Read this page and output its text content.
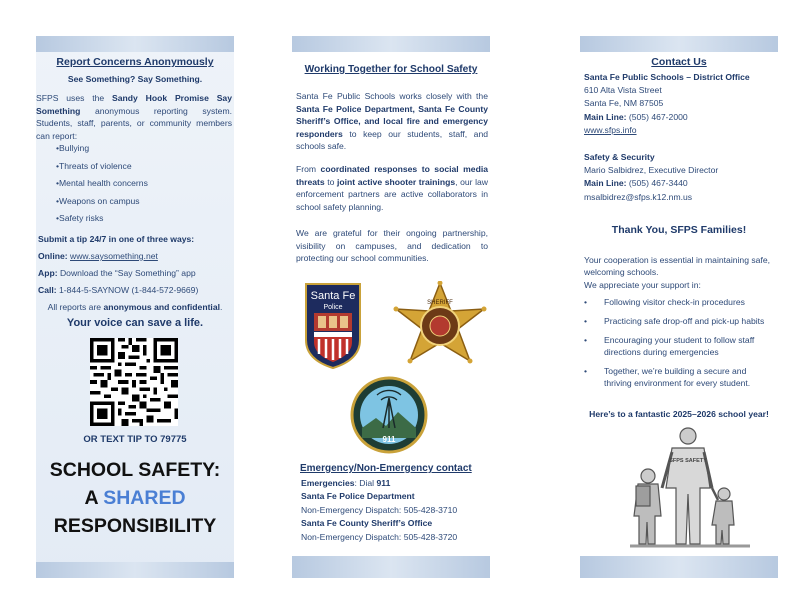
Report Concerns Anonymously
See Something? Say Something.
SFPS uses the Sandy Hook Promise Say Something anonymous reporting system. Students, staff, parents, or community members can report:
•Bullying
•Threats of violence
•Mental health concerns
•Weapons on campus
•Safety risks
Submit a tip 24/7 in one of three ways:
Online: www.saysomething.net
App: Download the “Say Something” app
Call: 1-844-5-SAYNOW (1-844-572-9669)
All reports are anonymous and confidential.
Your voice can save a life.
OR TEXT TIP TO 79775
SCHOOL SAFETY:
A SHARED
RESPONSIBILITY
Working Together for School Safety
Santa Fe Public Schools works closely with the Santa Fe Police Department, Santa Fe County Sheriff’s Office, and local fire and emergency responders to keep our students, staff, and schools safe.
From coordinated responses to social media threats to joint active shooter trainings, our law enforcement partners are active collaborators in school safety planning.
We are grateful for their ongoing partnership, visibility on campuses, and dedication to protecting our school communities.
Santa Fe
Police
SHERIFF
911
Emergency/Non-Emergency contact
Emergencies: Dial 911
Santa Fe Police Department
Non-Emergency Dispatch: 505-428-3710
Santa Fe County Sheriff’s Office
Non-Emergency Dispatch: 505-428-3720
Contact Us
Santa Fe Public Schools – District Office
610 Alta Vista Street
Santa Fe, NM 87505
Main Line: (505) 467-2000
www.sfps.info
Safety & Security
Mario Salbidrez, Executive Director
Main Line: (505) 467-3440
msalbidrez@sfps.k12.nm.us
Thank You, SFPS Families!
Your cooperation is essential in maintaining safe, welcoming schools.
We appreciate your support in:
•	Following visitor check-in procedures
•	Practicing safe drop-off and pick-up habits
•	Encouraging your student to follow staff directions during emergencies
•	Together, we’re building a secure and thriving environment for every student.
Here’s to a fantastic 2025–2026 school year!
SFPS SAFETY
